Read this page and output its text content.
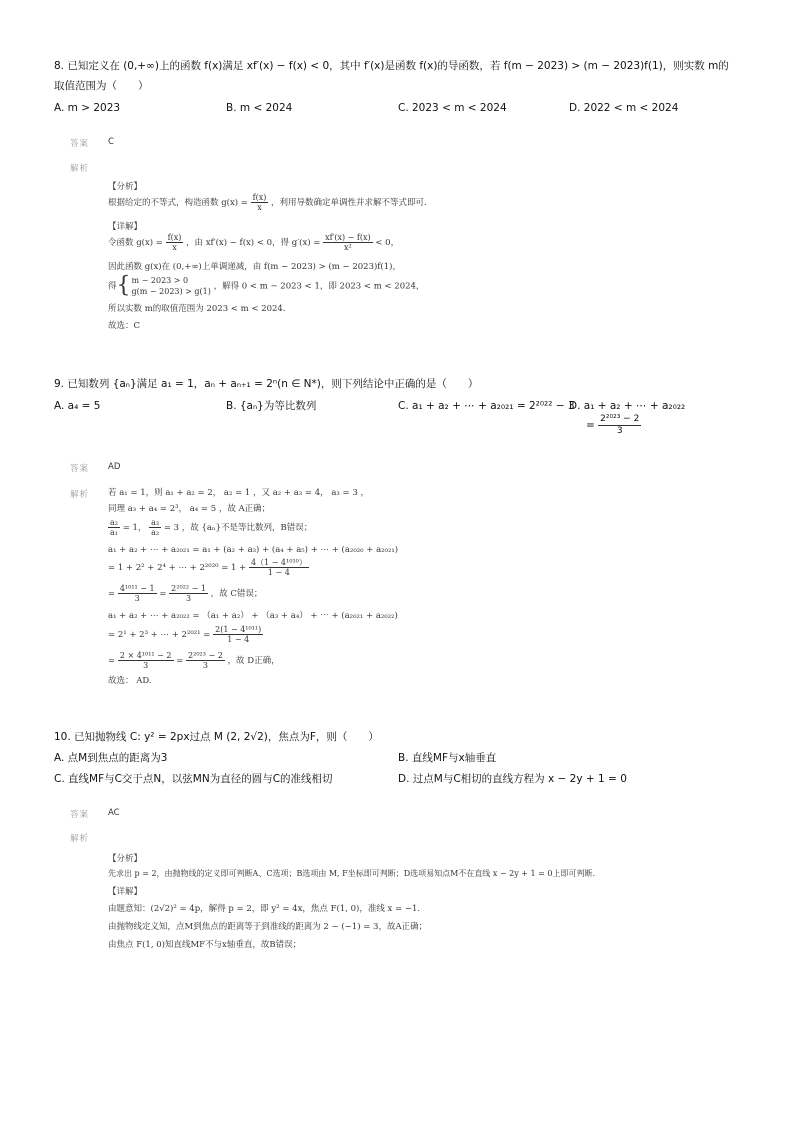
8. 已知定义在 (0,+∞)上的函数 f(x)满足 xf′(x) − f(x) < 0，其中 f′(x)是函数 f(x)的导函数，若 f(m − 2023) > (m − 2023)f(1)，则实数 m的
取值范围为（　　）
A. m > 2023	B. m < 2024	C. 2023 < m < 2024	D. 2022 < m < 2024
答案 C
解析
【分析】
根据给定的不等式，构造函数 $g(x) = \frac{f(x)}{x}$ ，利用导数确定单调性并求解不等式即可.
【详解】
令函数 $g(x) = \frac{f(x)}{x}$ ，由 xf′(x) − f(x) < 0，得 $g'(x) = \frac{xf'(x) - f(x)}{\text{x²}} < 0$，
因此函数 g(x)在 (0,+∞)上单调递减，由 f(m − 2023) > (m − 2023)f(1)，
得{ m − 2023 > 0
g(m − 2023) > g(1) ，解得 0 < m − 2023 < 1，即 2023 < m < 2024，
所以实数 m的取值范围为 2023 < m < 2024.
故选：C
9. 已知数列 {aₙ}满足 a₁ = 1，aₙ + aₙ₊₁ = 2ⁿ(n ∈ N*)，则下列结论中正确的是（　　）
A. a₄ = 5	B. {aₙ}为等比数列	C. a₁ + a₂ + ⋯ + a₂₀₂₁ = 2²⁰²² − 3
D. a₁ + a₂ + ⋯ + a₂₀₂₂
= $\frac{\text{2²⁰²³ − 2}}{3}$
答案 AD
解析 若 a₁ = 1，则 a₁ + a₂ = 2， a₂ = 1 ，又 a₂ + a₃ = 4， a₃ = 3 ，
同理 a₃ + a₄ = 2³， a₄ = 5 ，故 A正确；
$\frac{\text{a₂}}{\text{a₁}} = 1$， $\frac{\text{a₃}}{\text{a₂}} = 3$ ，故 {aₙ}不是等比数列，B错误；
a₁ + a₂ + ⋯ + a₂₀₂₁ = a₁ + (a₂ + a₃) + (a₄ + a₅) + ⋯ + (a₂₀₂₀ + a₂₀₂₁)
= 1 + 2² + 2⁴ + ⋯ + $2^{2020} = 1 + \frac{\text{4（1 − 4¹⁰¹⁰）}}{1 - 4}$
= $\frac{\text{4¹⁰¹¹ − 1}}{3} = \frac{\text{2²⁰²² − 1}}{3}$ ，故 C错误；
a₁ + a₂ + ⋯ + a₂₀₂₂ = （a₁ + a₂） + （a₃ + a₄） + ⋯ + (a₂₀₂₁ + a₂₀₂₂)
= 2¹ + 2³ + ⋯ + $2^{2021} = \frac{\text{2(1 − 4¹⁰¹¹)}}{1 - 4}$
= $\frac{\text{2 × 4¹⁰¹¹ − 2}}{3} = \frac{\text{2²⁰²³ − 2}}{3}$ ，故 D正确，
故选： AD.
10. 已知抛物线 C: y² = 2px过点 M (2, 2√2)，焦点为F，则（　　）
A. 点M到焦点的距离为3	B. 直线MF与x轴垂直
C. 直线MF与C交于点N，以弦MN为直径的圆与C的准线相切	D. 过点M与C相切的直线方程为 x − 2y + 1 = 0
答案 AC
解析
【分析】
先求出 p = 2，由抛物线的定义即可判断A、C选项；B选项由 M, F坐标即可判断；D选项易知点M不在直线 x − 2y + 1 = 0上即可判断.
【详解】
由题意知：(2√2)² = 4p，解得 p = 2，即 y² = 4x，焦点 F(1, 0)，准线 x = −1.
由抛物线定义知，点M到焦点的距离等于到准线的距离为 2 − (−1) = 3，故A正确；
由焦点 F(1, 0)知直线MF不与x轴垂直，故B错误；
